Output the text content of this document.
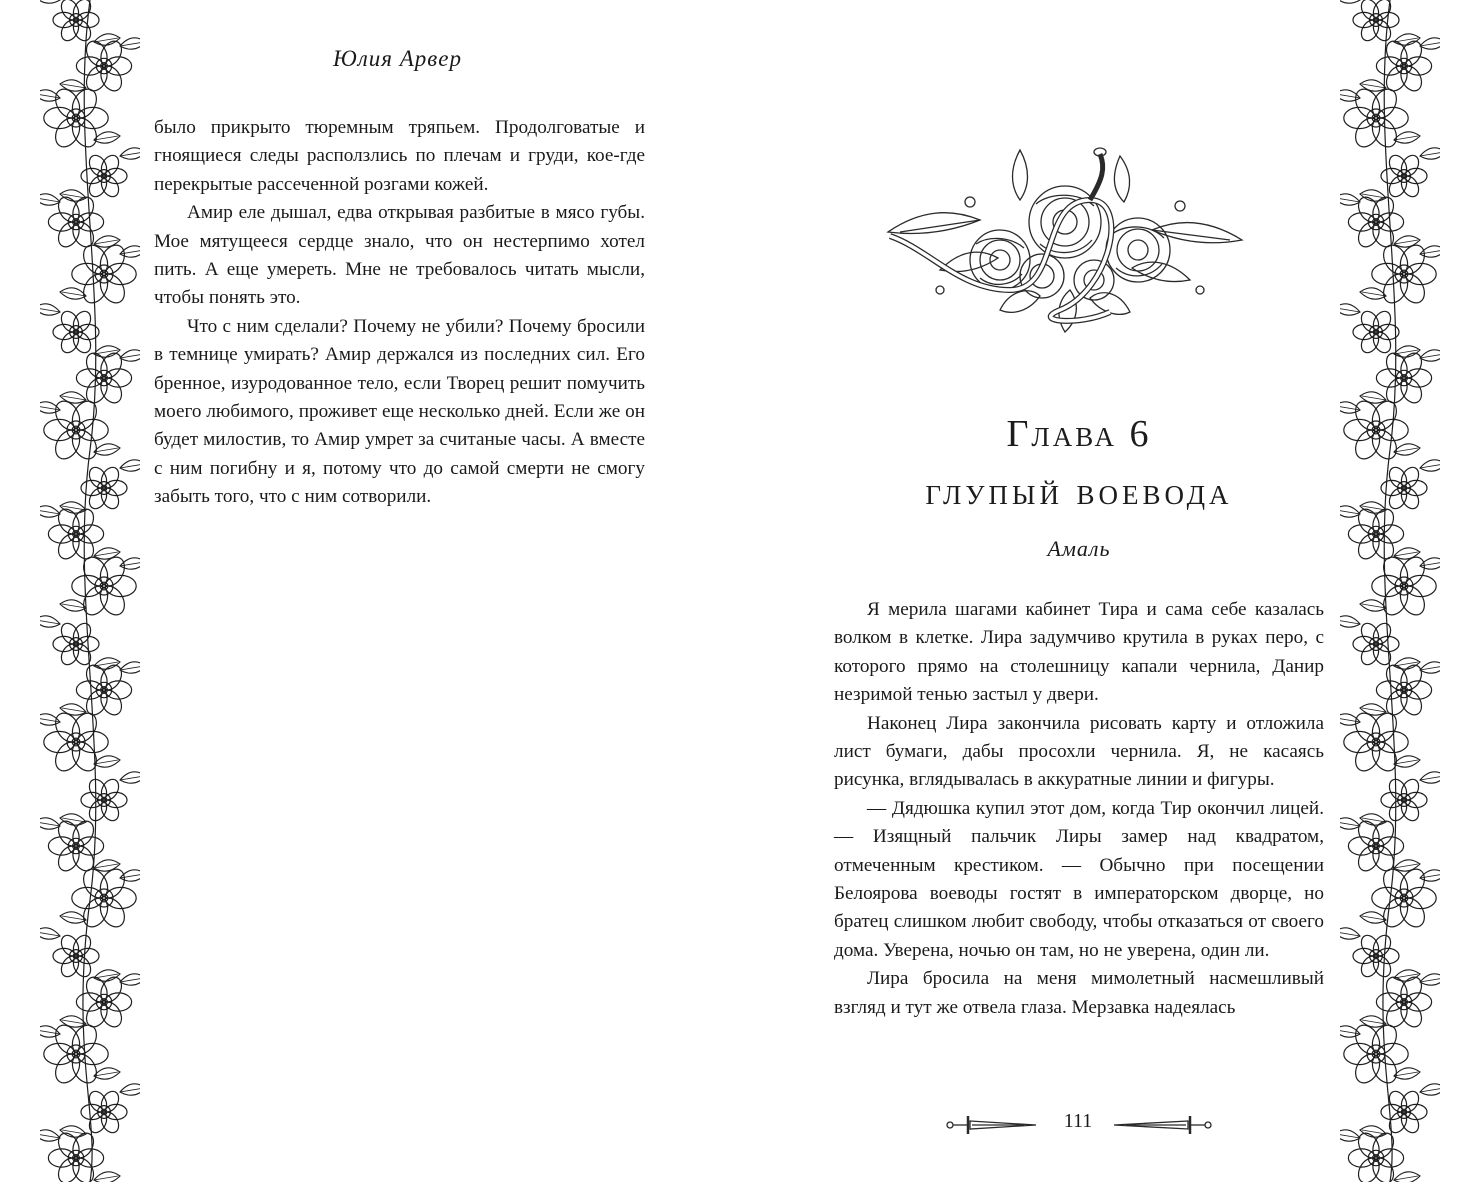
Юлия Арвер

было прикрыто тюремным тряпьем. Продолговатые и гноящиеся следы расползлись по плечам и груди, кое-где перекрытые рассеченной розгами кожей.

Амир еле дышал, едва открывая разбитые в мясо губы. Мое мятущееся сердце знало, что он нестерпимо хотел пить. А еще умереть. Мне не требовалось читать мысли, чтобы понять это.

Что с ним сделали? Почему не убили? Почему бросили в темнице умирать? Амир держался из последних сил. Его бренное, изуродованное тело, если Творец решит помучить моего любимого, проживет еще несколько дней. Если же он будет милостив, то Амир умрет за считаные часы. А вместе с ним погибну и я, потому что до самой смерти не смогу забыть того, что с ним сотворили.

Глава 6
глупый воевода
Амаль

Я мерила шагами кабинет Тира и сама себе казалась волком в клетке. Лира задумчиво крутила в руках перо, с которого прямо на столешницу капали чернила, Данир незримой тенью застыл у двери.

Наконец Лира закончила рисовать карту и отложила лист бумаги, дабы просохли чернила. Я, не касаясь рисунка, вглядывалась в аккуратные линии и фигуры.

— Дядюшка купил этот дом, когда Тир окончил лицей. — Изящный пальчик Лиры замер над квадратом, отмеченным крестиком. — Обычно при посещении Белоярова воеводы гостят в императорском дворце, но братец слишком любит свободу, чтобы отказаться от своего дома. Уверена, ночью он там, но не уверена, один ли.

Лира бросила на меня мимолетный насмешливый взгляд и тут же отвела глаза. Мерзавка надеялась

111
